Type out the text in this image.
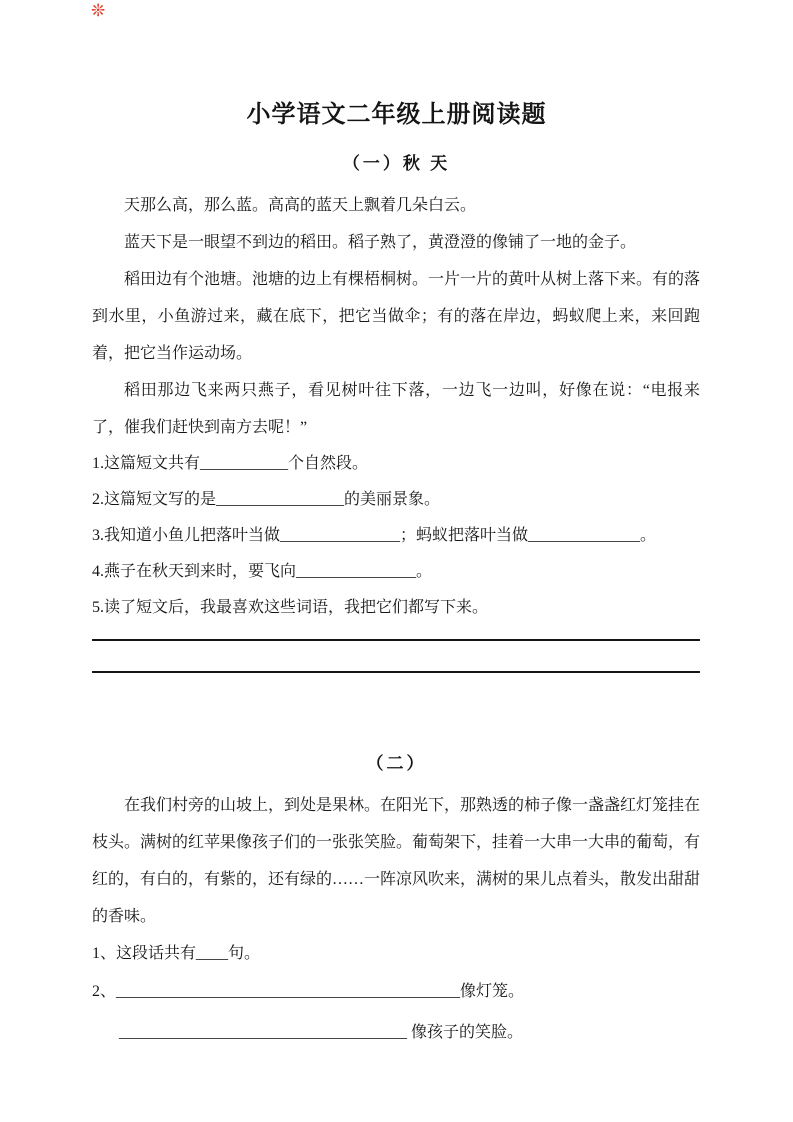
❊
小学语文二年级上册阅读题
（一）秋 天

天那么高，那么蓝。高高的蓝天上飘着几朵白云。

蓝天下是一眼望不到边的稻田。稻子熟了，黄澄澄的像铺了一地的金子。

稻田边有个池塘。池塘的边上有棵梧桐树。一片一片的黄叶从树上落下来。有的落到水里，小鱼游过来，藏在底下，把它当做伞；有的落在岸边，蚂蚁爬上来，来回跑着，把它当作运动场。

稻田那边飞来两只燕子，看见树叶往下落，一边飞一边叫，好像在说：“电报来了，催我们赶快到南方去呢！”

1.这篇短文共有___________个自然段。

2.这篇短文写的是________________的美丽景象。

3.我知道小鱼儿把落叶当做_______________；蚂蚁把落叶当做______________。

4.燕子在秋天到来时，要飞向_______________。

5.读了短文后，我最喜欢这些词语，我把它们都写下来。

（二）

在我们村旁的山坡上，到处是果林。在阳光下，那熟透的柿子像一盏盏红灯笼挂在枝头。满树的红苹果像孩子们的一张张笑脸。葡萄架下，挂着一大串一大串的葡萄，有红的，有白的，有紫的，还有绿的……一阵凉风吹来，满树的果儿点着头，散发出甜甜的香味。

1、这段话共有____句。

2、___________________________________________像灯笼。

____________________________________ 像孩子的笑脸。
